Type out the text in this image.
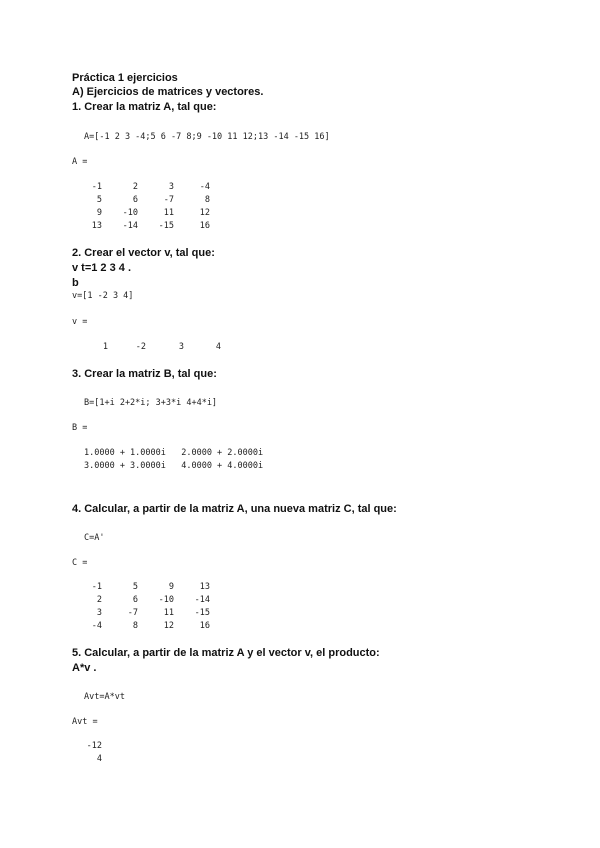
Práctica 1 ejercicios
A) Ejercicios de matrices y vectores.
1. Crear la matriz A, tal que:
A=[-1 2 3 -4;5 6 -7 8;9 -10 11 12;13 -14 -15 16]
A =
-1	2	3	-4
5	6	-7	8
9	-10	11	12
13	-14	-15	16
2. Crear el vector v, tal que:
v t=1 2 3 4 .
b
v=[1 -2 3 4]
v =
1	-2	3	4
3. Crear la matriz B, tal que:
B=[1+i 2+2*i; 3+3*i 4+4*i]
B =
1.0000 + 1.0000i   2.0000 + 2.0000i
3.0000 + 3.0000i   4.0000 + 4.0000i
4. Calcular, a partir de la matriz A, una nueva matriz C, tal que:
C=A'
C =
-1	5	9	13
2	6	-10	-14
3	-7	11	-15
-4	8	12	16
5. Calcular, a partir de la matriz A y el vector v, el producto:
A*v .
Avt=A*vt
Avt =
-12
4
